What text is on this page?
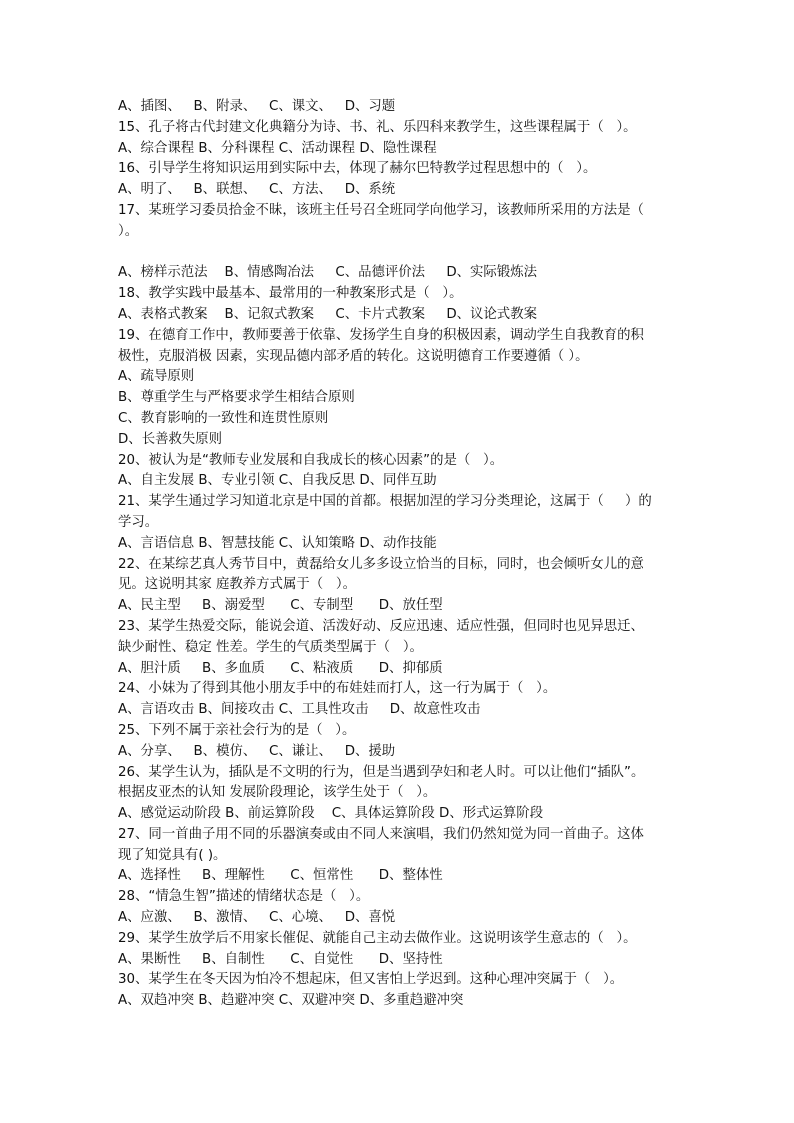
A、插图、   B、附录、   C、课文、   D、习题
15、孔子将古代封建文化典籍分为诗、书、礼、乐四科来教学生，这些课程属于（   ）。
A、综合课程 B、分科课程 C、活动课程 D、隐性课程
16、引导学生将知识运用到实际中去，体现了赫尔巴特教学过程思想中的（   ）。
A、明了、   B、联想、   C、方法、   D、系统
17、某班学习委员拾金不昧，该班主任号召全班同学向他学习，该教师所采用的方法是（
）。
A、榜样示范法    B、情感陶冶法     C、品德评价法     D、实际锻炼法
18、教学实践中最基本、最常用的一种教案形式是（   ）。
A、表格式教案    B、记叙式教案     C、卡片式教案     D、议论式教案
19、在德育工作中，教师要善于依靠、发扬学生自身的积极因素，调动学生自我教育的积
极性，克服消极 因素，实现品德内部矛盾的转化。这说明德育工作要遵循（ ）。
A、疏导原则
B、尊重学生与严格要求学生相结合原则
C、教育影响的一致性和连贯性原则
D、长善救失原则
20、被认为是“教师专业发展和自我成长的核心因素”的是（   ）。
A、自主发展 B、专业引领 C、自我反思 D、同伴互助
21、某学生通过学习知道北京是中国的首都。根据加涅的学习分类理论，这属于（     ）的
学习。
A、言语信息 B、智慧技能 C、认知策略 D、动作技能
22、在某综艺真人秀节目中，黄磊给女儿多多设立恰当的目标，同时，也会倾听女儿的意
见。这说明其家 庭教养方式属于（   ）。
A、民主型     B、溺爱型      C、专制型      D、放任型
23、某学生热爱交际，能说会道、活泼好动、反应迅速、适应性强，但同时也见异思迁、
缺少耐性、稳定 性差。学生的气质类型属于（   ）。
A、胆汁质     B、多血质      C、粘液质      D、抑郁质
24、小妹为了得到其他小朋友手中的布娃娃而打人，这一行为属于（   ）。
A、言语攻击 B、间接攻击 C、工具性攻击     D、故意性攻击
25、下列不属于亲社会行为的是（   ）。
A、分享、   B、模仿、   C、谦让、   D、援助
26、某学生认为，插队是不文明的行为，但是当遇到孕妇和老人时。可以让他们“插队”。
根据皮亚杰的认知 发展阶段理论，该学生处于（   ）。
A、感觉运动阶段 B、前运算阶段    C、具体运算阶段 D、形式运算阶段
27、同一首曲子用不同的乐器演奏或由不同人来演唱，我们仍然知觉为同一首曲子。这体
现了知觉具有( )。
A、选择性     B、理解性      C、恒常性      D、整体性
28、“情急生智”描述的情绪状态是（   ）。
A、应激、   B、激情、   C、心境、   D、喜悦
29、某学生放学后不用家长催促、就能自己主动去做作业。这说明该学生意志的（   ）。
A、果断性     B、自制性      C、自觉性      D、坚持性
30、某学生在冬天因为怕冷不想起床，但又害怕上学迟到。这种心理冲突属于（   ）。
A、双趋冲突 B、趋避冲突 C、双避冲突 D、多重趋避冲突
